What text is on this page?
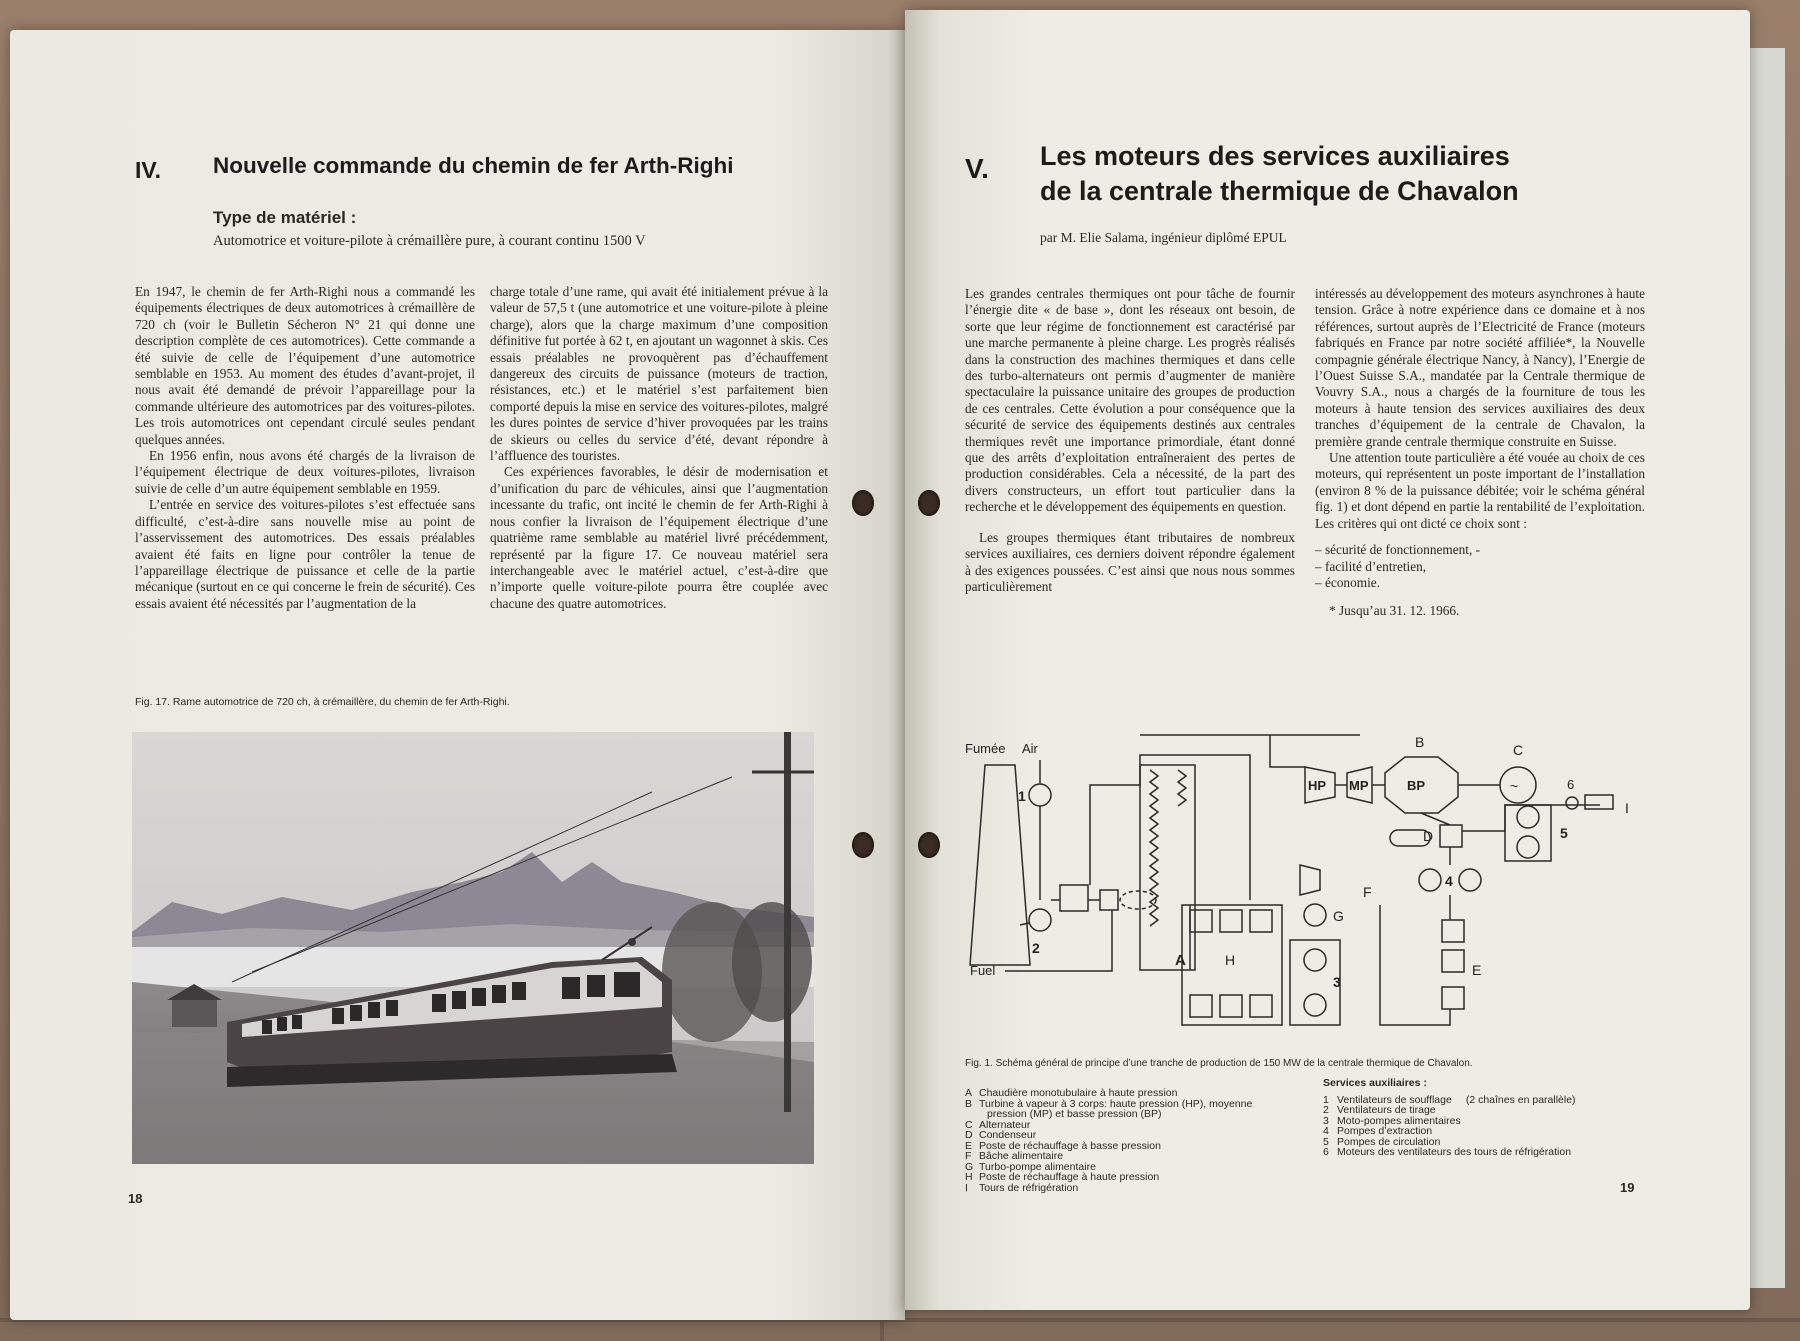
IV. Nouvelle commande du chemin de fer Arth-Righi
Type de matériel :
Automotrice et voiture-pilote à crémaillère pure, à courant continu 1500 V

En 1947, le chemin de fer Arth-Righi nous a commandé les équipements électriques de deux automotrices à crémaillère de 720 ch (voir le Bulletin Sécheron N° 21 qui donne une description complète de ces automotrices). Cette commande a été suivie de celle de l’équipement d’une automotrice semblable en 1953. Au moment des études d’avant-projet, il nous avait été demandé de prévoir l’appareillage pour la commande ultérieure des automotrices par des voitures-pilotes. Les trois automotrices ont cependant circulé seules pendant quelques années.

En 1956 enfin, nous avons été chargés de la livraison de l’équipement électrique de deux voitures-pilotes, livraison suivie de celle d’un autre équipement semblable en 1959.

L’entrée en service des voitures-pilotes s’est effectuée sans difficulté, c’est-à-dire sans nouvelle mise au point de l’asservissement des automotrices. Des essais préalables avaient été faits en ligne pour contrôler la tenue de l’appareillage électrique de puissance et celle de la partie mécanique (surtout en ce qui concerne le frein de sécurité). Ces essais avaient été nécessités par l’augmentation de la

charge totale d’une rame, qui avait été initialement prévue à la valeur de 57,5 t (une automotrice et une voiture-pilote à pleine charge), alors que la charge maximum d’une composition définitive fut portée à 62 t, en ajoutant un wagonnet à skis. Ces essais préalables ne provoquèrent pas d’échauffement dangereux des circuits de puissance (moteurs de traction, résistances, etc.) et le matériel s’est parfaitement bien comporté depuis la mise en service des voitures-pilotes, malgré les dures pointes de service d’hiver provoquées par les trains de skieurs ou celles du service d’été, devant répondre à l’affluence des touristes.

Ces expériences favorables, le désir de modernisation et d’unification du parc de véhicules, ainsi que l’augmentation incessante du trafic, ont incité le chemin de fer Arth-Righi à nous confier la livraison de l’équipement électrique d’une quatrième rame semblable au matériel livré précédemment, représenté par la figure 17. Ce nouveau matériel sera interchangeable avec le matériel actuel, c’est-à-dire que n’importe quelle voiture-pilote pourra être couplée avec chacune des quatre automotrices.

Fig. 17. Rame automotrice de 720 ch, à crémaillère, du chemin de fer Arth-Righi.
18
V. Les moteurs des services auxiliaires
de la centrale thermique de Chavalon
par M. Elie Salama, ingénieur diplômé EPUL

Les grandes centrales thermiques ont pour tâche de fournir l’énergie dite « de base », dont les réseaux ont besoin, de sorte que leur régime de fonctionnement est caractérisé par une marche permanente à pleine charge. Les progrès réalisés dans la construction des machines thermiques et dans celle des turbo-alternateurs ont permis d’augmenter de manière spectaculaire la puissance unitaire des groupes de production de ces centrales. Cette évolution a pour conséquence que la sécurité de service des équipements destinés aux centrales thermiques revêt une importance primordiale, étant donné que des arrêts d’exploitation entraîneraient des pertes de production considérables. Cela a nécessité, de la part des divers constructeurs, un effort tout particulier dans la recherche et le développement des équipements en question.

Les groupes thermiques étant tributaires de nombreux services auxiliaires, ces derniers doivent répondre également à des exigences poussées. C’est ainsi que nous nous sommes particulièrement

intéressés au développement des moteurs asynchrones à haute tension. Grâce à notre expérience dans ce domaine et à nos références, surtout auprès de l’Electricité de France (moteurs fabriqués en France par notre société affiliée*, la Nouvelle compagnie générale électrique Nancy, à Nancy), l’Energie de l’Ouest Suisse S.A., mandatée par la Centrale thermique de Vouvry S.A., nous a chargés de la fourniture de tous les moteurs à haute tension des services auxiliaires des deux tranches d’équipement de la centrale de Chavalon, la première grande centrale thermique construite en Suisse.

Une attention toute particulière a été vouée au choix de ces moteurs, qui représentent un poste important de l’installation (environ 8 % de la puissance débitée; voir le schéma général fig. 1) et dont dépend en partie la rentabilité de l’exploitation. Les critères qui ont dicté ce choix sont :

– sécurité de fonctionnement, -
– facilité d’entretien,
– économie.
* Jusqu’au 31. 12. 1966.
Fumée Air
1
2
A
HP MP	BP
B
~
C
6
I
D	5
4
E
F
G
3
H
Fuel
Fig. 1. Schéma général de principe d’une tranche de production de 150 MW de la centrale thermique de Chavalon.
A Chaudière monotubulaire à haute pression
B Turbine à vapeur à 3 corps: haute pression (HP), moyenne
pression (MP) et basse pression (BP)
C Alternateur
D Condenseur
E Poste de réchauffage à basse pression
F Bâche alimentaire
G Turbo-pompe alimentaire
H Poste de réchauffage à haute pression
I	Tours de réfrigération
Services auxiliaires :
1 Ventilateurs de soufflage	(2 chaînes en parallèle)
2 Ventilateurs de tirage
3 Moto-pompes alimentaires
4 Pompes d’extraction
5 Pompes de circulation
6 Moteurs des ventilateurs des tours de réfrigération
19
